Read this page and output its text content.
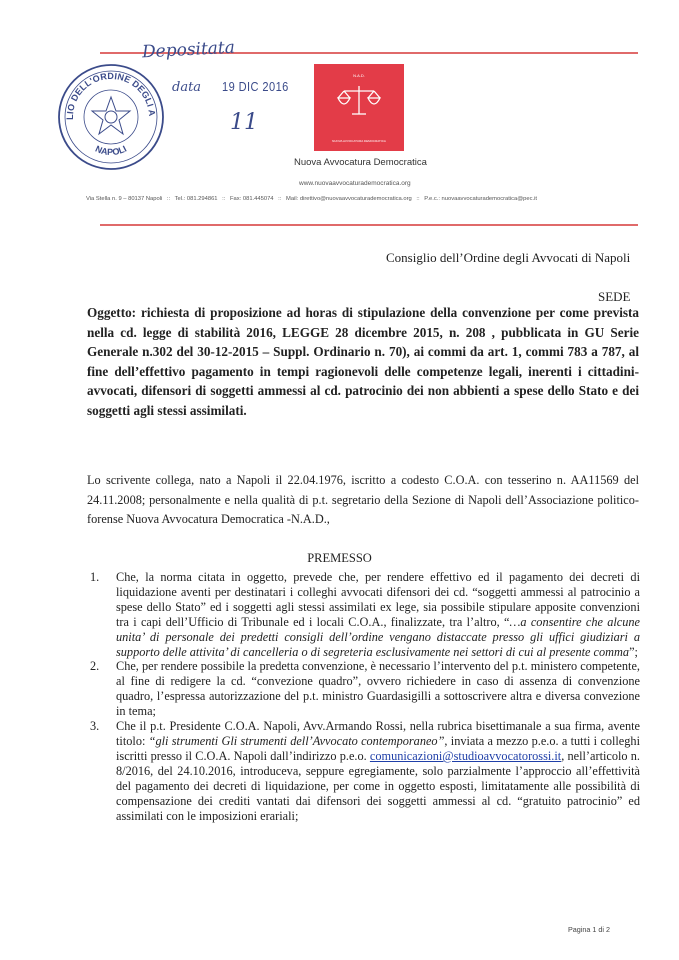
LIO DELL'ORDINE DEGLI A
NAPOLI
Depositata
data 19 DIC 2016
11
N.A.D.
NUOVA AVVOCATURA DEMOCRATICA
Nuova Avvocatura Democratica
www.nuovaavvocaturademocratica.org
Via Stella n. 9 – 80137 Napoli :: Tel.: 081.294861 :: Fax: 081.445074 :: Mail: direttivo@nuovaavvocaturademocratica.org :: P.e.c.: nuovaavvocaturademocratica@pec.it
Consiglio dell’Ordine degli Avvocati di Napoli
SEDE
Oggetto: richiesta di proposizione ad horas di stipulazione della convenzione per come prevista nella cd. legge di stabilità 2016, LEGGE 28 dicembre 2015, n. 208 , pubblicata in GU Serie Generale n.302 del 30-12-2015 – Suppl. Ordinario n. 70), ai commi da art. 1, commi 783 a 787, al fine dell’effettivo pagamento in tempi ragionevoli delle competenze legali, inerenti i cittadini-avvocati, difensori di soggetti ammessi al cd. patrocinio dei non abbienti a spese dello Stato e dei soggetti agli stessi assimilati.
Lo scrivente collega, nato a Napoli il 22.04.1976, iscritto a codesto C.O.A. con tesserino n. AA11569 del 24.11.2008; personalmente e nella qualità di p.t. segretario della Sezione di Napoli dell’Associazione politico-forense Nuova Avvocatura Democratica -N.A.D.,
PREMESSO
1. Che, la norma citata in oggetto, prevede che, per rendere effettivo ed il pagamento dei decreti di liquidazione aventi per destinatari i colleghi avvocati difensori dei cd. “soggetti ammessi al patrocinio a spese dello Stato” ed i soggetti agli stessi assimilati ex lege, sia possibile stipulare apposite convenzioni tra i capi dell’Ufficio di Tribunale ed i locali C.O.A., finalizzate, tra l’altro, “…a consentire che alcune unita’ di personale dei predetti consigli dell’ordine vengano distaccate presso gli uffici giudiziari a supporto delle attivita’ di cancelleria o di segreteria esclusivamente nei settori di cui al presente comma”;
2. Che, per rendere possibile la predetta convenzione, è necessario l’intervento del p.t. ministero competente, al fine di redigere la cd. “convezione quadro”, ovvero richiedere in caso di assenza di convenzione quadro, l’espressa autorizzazione del p.t. ministro Guardasigilli a sottoscrivere altra e diversa convezione in tema;
3. Che il p.t. Presidente C.O.A. Napoli, Avv.Armando Rossi, nella rubrica bisettimanale a sua firma, avente titolo: “gli strumenti Gli strumenti dell’Avvocato contemporaneo”, inviata a mezzo p.e.o. a tutti i colleghi iscritti presso il C.O.A. Napoli dall’indirizzo p.e.o. comunicazioni@studioavvocatorossi.it, nell’articolo n. 8/2016, del 24.10.2016, introduceva, seppure egregiamente, solo parzialmente l’approccio all’effettività del pagamento dei decreti di liquidazione, per come in oggetto esposti, limitatamente alle possibilità di compensazione dei crediti vantati dai difensori dei soggetti ammessi al cd. “gratuito patrocinio” ed assimilati con le imposizioni erariali;
Pagina 1 di 2
